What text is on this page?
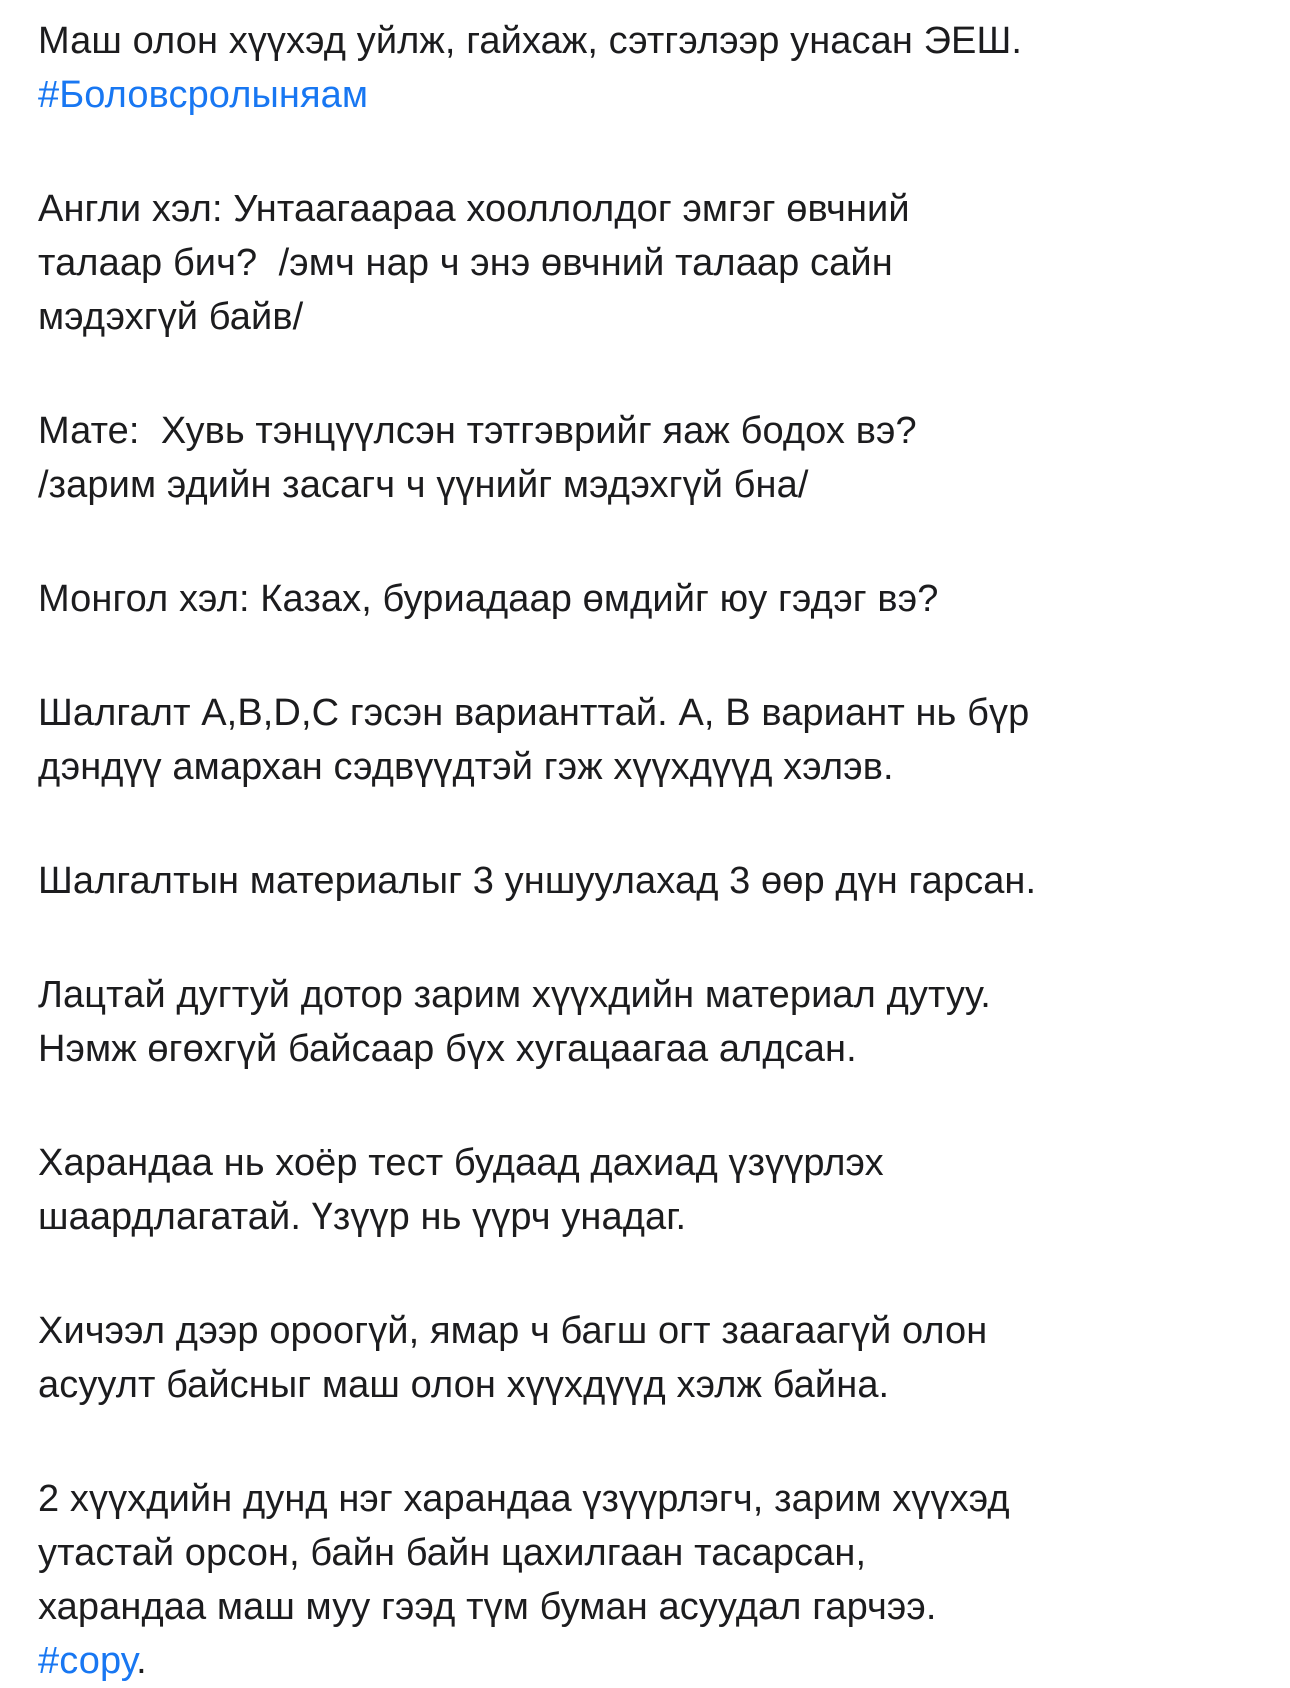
Маш олон хүүхэд уйлж, гайхаж, сэтгэлээр унасан ЭЕШ.
#Боловсролыняам

Англи хэл: Унтаагаараа хооллолдог эмгэг өвчний
талаар бич?  /эмч нар ч энэ өвчний талаар сайн
мэдэхгүй байв/

Мате:  Хувь тэнцүүлсэн тэтгэврийг яаж бодох вэ?
/зарим эдийн засагч ч үүнийг мэдэхгүй бна/

Монгол хэл: Казах, буриадаар өмдийг юу гэдэг вэ?

Шалгалт A,B,D,C гэсэн варианттай. А, В вариант нь бүр
дэндүү амархан сэдвүүдтэй гэж хүүхдүүд хэлэв.

Шалгалтын материалыг 3 уншуулахад 3 өөр дүн гарсан.

Лацтай дугтуй дотор зарим хүүхдийн материал дутуу.
Нэмж өгөхгүй байсаар бүх хугацаагаа алдсан.

Харандаа нь хоёр тест будаад дахиад үзүүрлэх
шаардлагатай. Үзүүр нь үүрч унадаг.

Хичээл дээр ороогүй, ямар ч багш огт заагаагүй олон
асуулт байсныг маш олон хүүхдүүд хэлж байна.

2 хүүхдийн дунд нэг харандаа үзүүрлэгч, зарим хүүхэд
утастай орсон, байн байн цахилгаан тасарсан,
харандаа маш муу гээд түм буман асуудал гарчээ.
#сору.
